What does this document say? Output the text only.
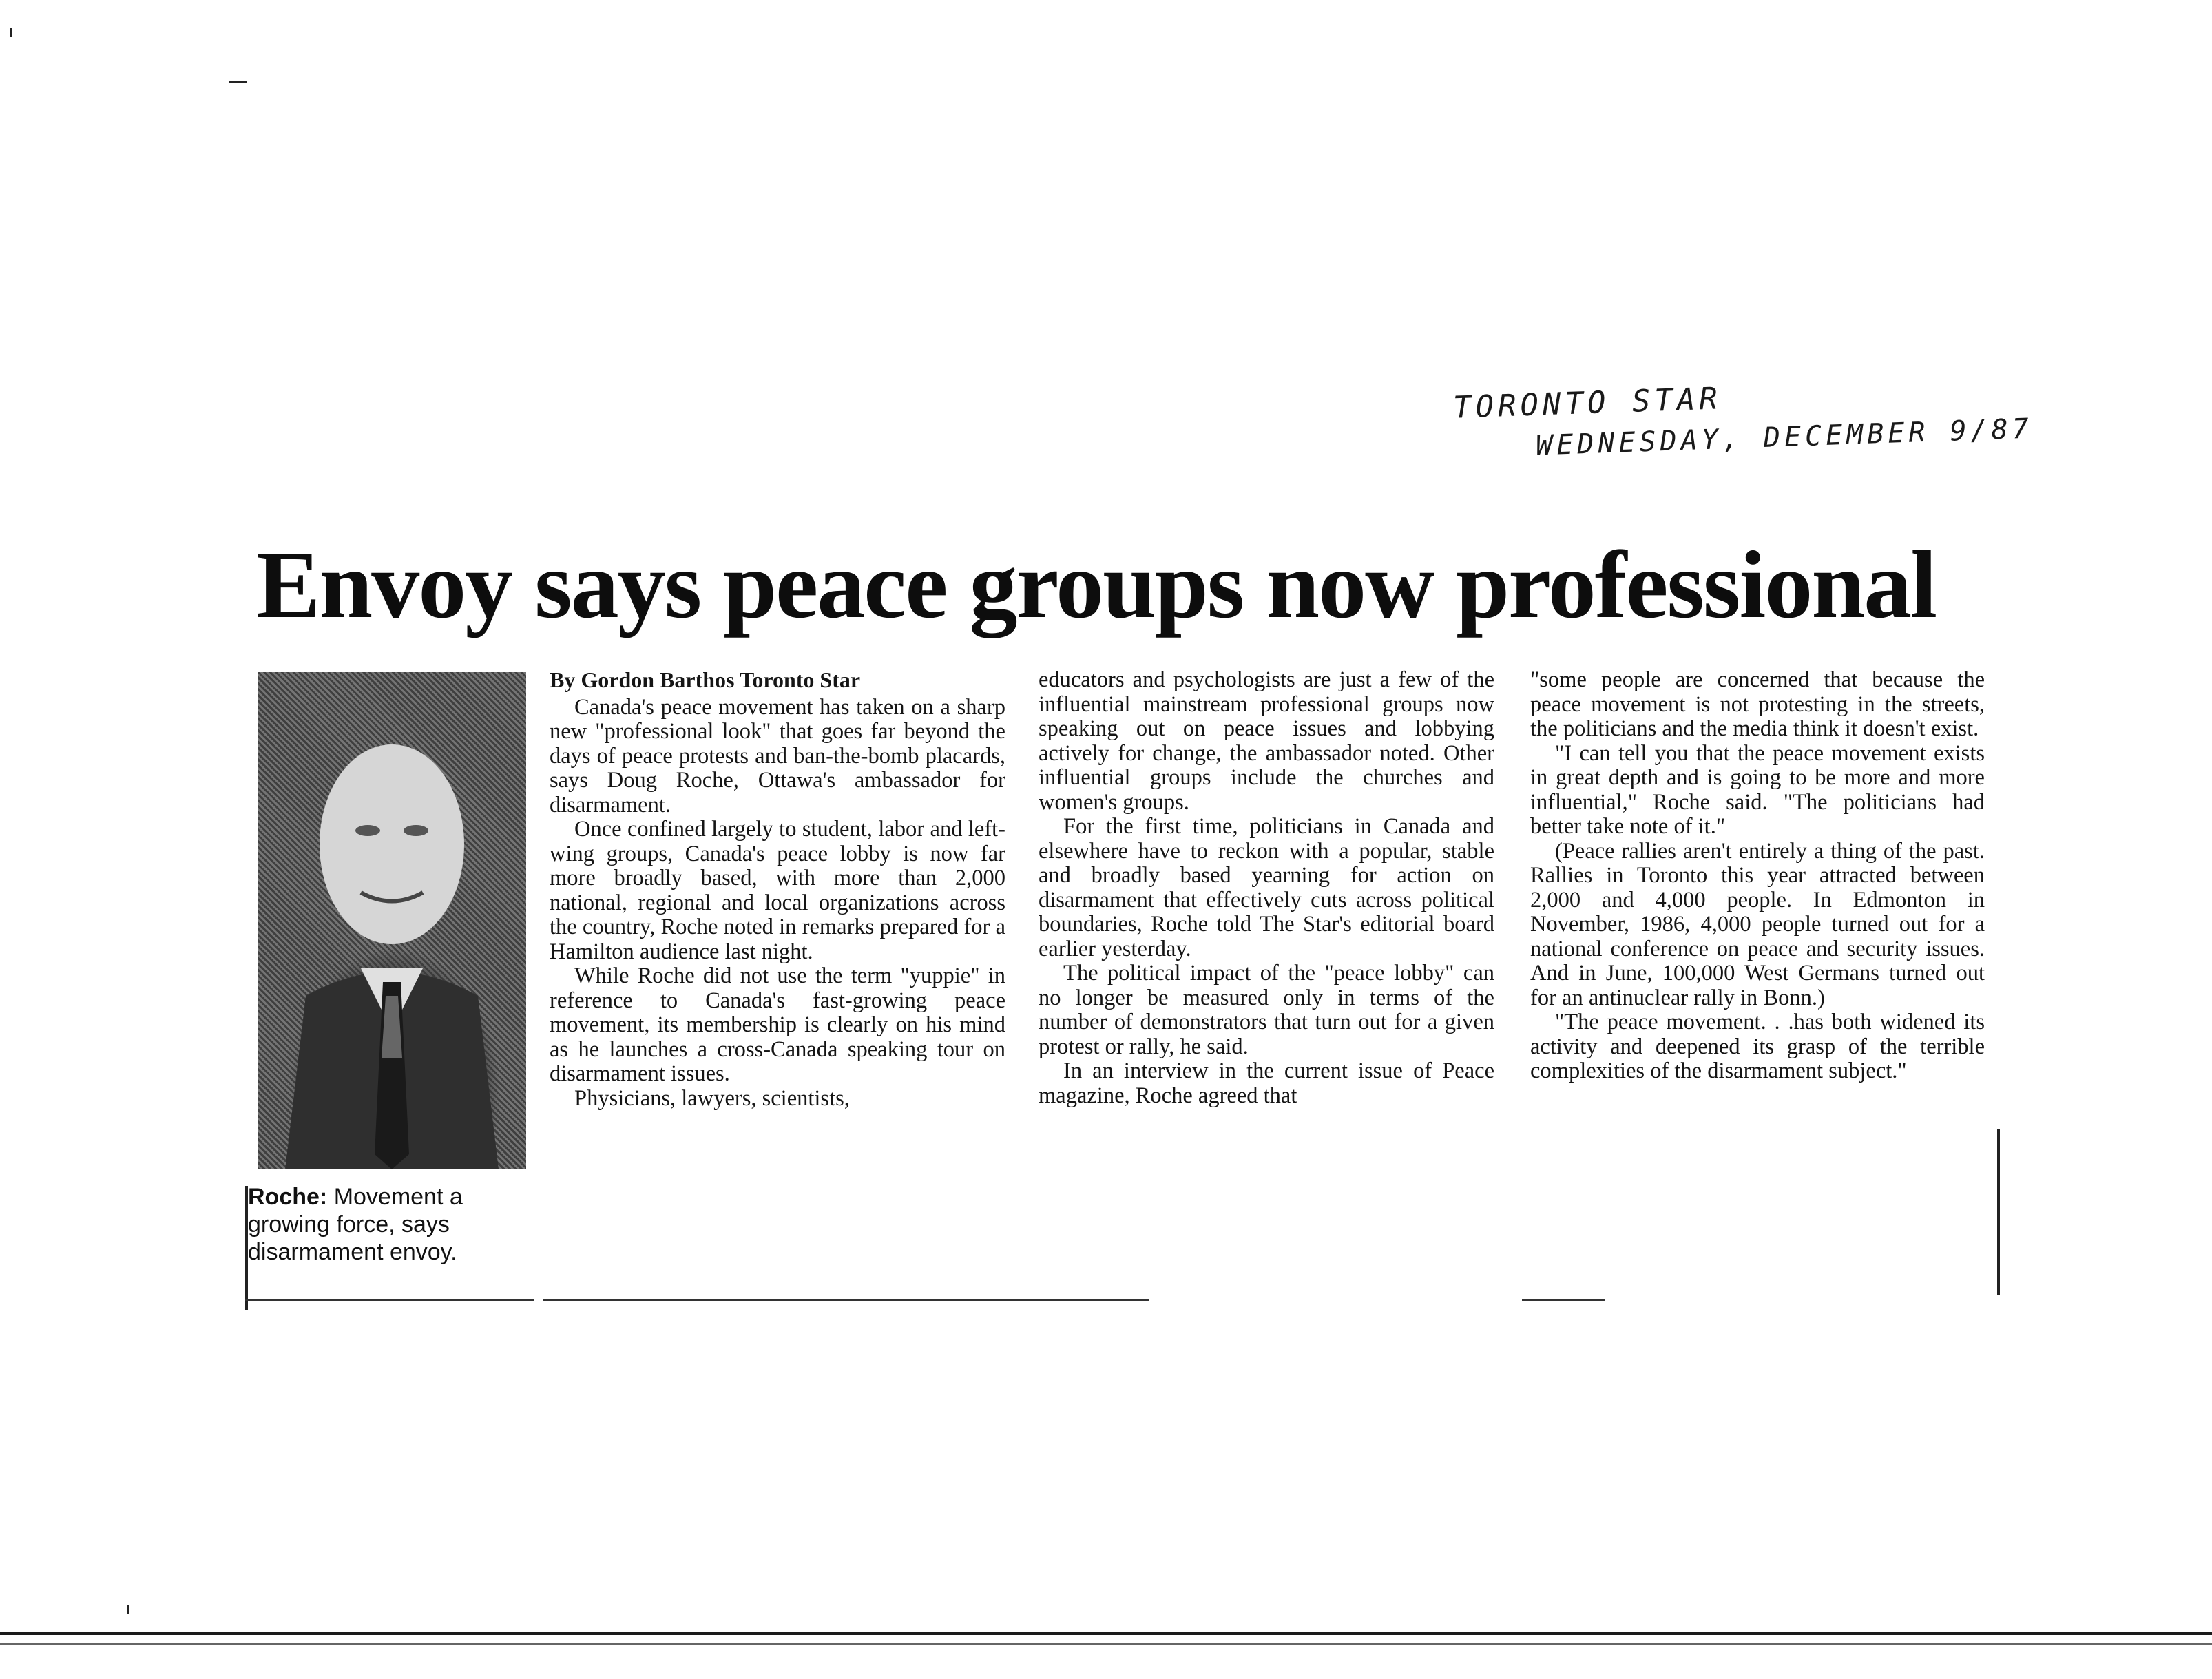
TORONTO STAR
WEDNESDAY, DECEMBER 9/87
Envoy says peace groups now professional
Roche: Movement a growing force, says disarmament envoy.

By Gordon Barthos Toronto Star

Canada's peace movement has taken on a sharp new "professional look" that goes far beyond the days of peace protests and ban-the-bomb placards, says Doug Roche, Ottawa's ambassador for disarmament.

Once confined largely to student, labor and left-wing groups, Canada's peace lobby is now far more broadly based, with more than 2,000 national, regional and local organizations across the country, Roche noted in remarks prepared for a Hamilton audience last night.

While Roche did not use the term "yuppie" in reference to Canada's fast-growing peace movement, its membership is clearly on his mind as he launches a cross-Canada speaking tour on disarmament issues.

Physicians, lawyers, scientists,

educators and psychologists are just a few of the influential mainstream professional groups now speaking out on peace issues and lobbying actively for change, the ambassador noted. Other influential groups include the churches and women's groups.

For the first time, politicians in Canada and elsewhere have to reckon with a popular, stable and broadly based yearning for action on disarmament that effectively cuts across political boundaries, Roche told The Star's editorial board earlier yesterday.

The political impact of the "peace lobby" can no longer be measured only in terms of the number of demonstrators that turn out for a given protest or rally, he said.

In an interview in the current issue of Peace magazine, Roche agreed that

"some people are concerned that because the peace movement is not protesting in the streets, the politicians and the media think it doesn't exist.

"I can tell you that the peace movement exists in great depth and is going to be more and more influential," Roche said. "The politicians had better take note of it."

(Peace rallies aren't entirely a thing of the past. Rallies in Toronto this year attracted between 2,000 and 4,000 people. In Edmonton in November, 1986, 4,000 people turned out for a national conference on peace and security issues. And in June, 100,000 West Germans turned out for an antinuclear rally in Bonn.)

"The peace movement. . .has both widened its activity and deepened its grasp of the terrible complexities of the disarmament subject."
